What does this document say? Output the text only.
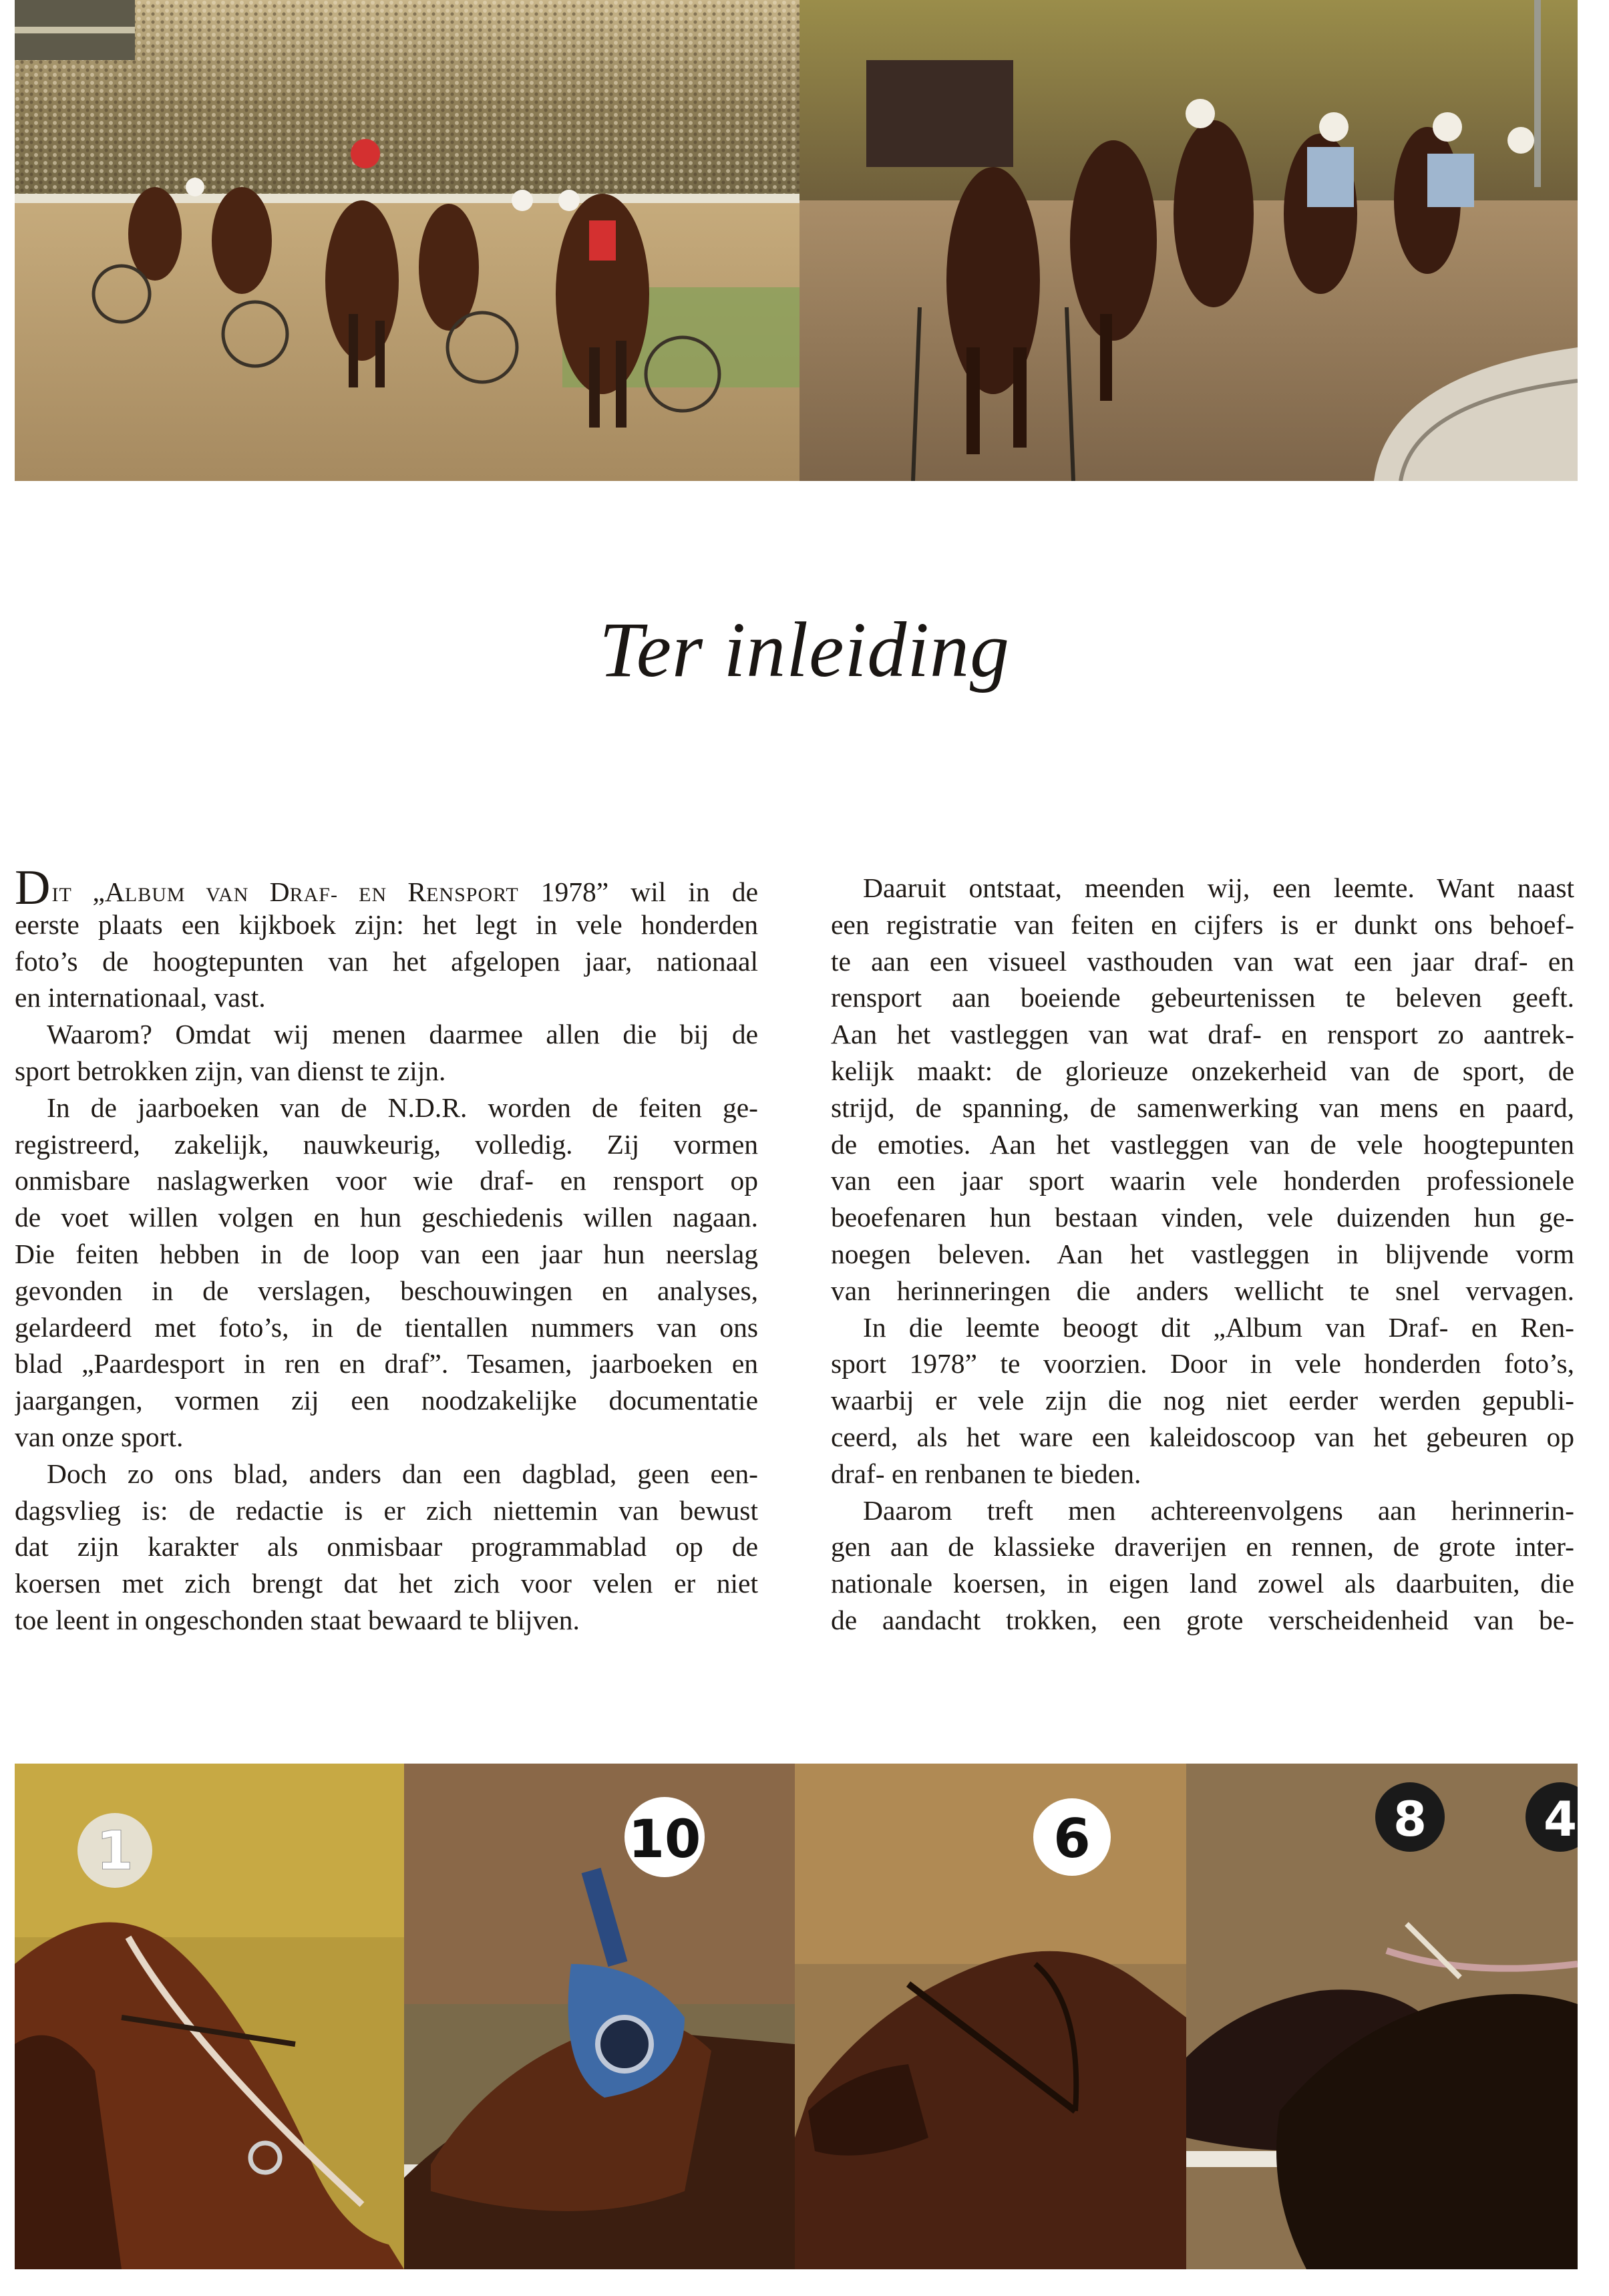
Ter inleiding
DIT „ALBUM VAN DRAF- EN RENSPORT 1978” wil in de
eerste plaats een kijkboek zijn: het legt in vele honderden
foto’s de hoogtepunten van het afgelopen jaar, nationaal
en internationaal, vast.
Waarom? Omdat wij menen daarmee allen die bij de
sport betrokken zijn, van dienst te zijn.
In de jaarboeken van de N.D.R. worden de feiten ge-
registreerd, zakelijk, nauwkeurig, volledig. Zij vormen
onmisbare naslagwerken voor wie draf- en rensport op
de voet willen volgen en hun geschiedenis willen nagaan.
Die feiten hebben in de loop van een jaar hun neerslag
gevonden in de verslagen, beschouwingen en analyses,
gelardeerd met foto’s, in de tientallen nummers van ons
blad „Paardesport in ren en draf”. Tesamen, jaarboeken en
jaargangen, vormen zij een noodzakelijke documentatie
van onze sport.
Doch zo ons blad, anders dan een dagblad, geen een-
dagsvlieg is: de redactie is er zich niettemin van bewust
dat zijn karakter als onmisbaar programmablad op de
koersen met zich brengt dat het zich voor velen er niet
toe leent in ongeschonden staat bewaard te blijven.
Daaruit ontstaat, meenden wij, een leemte. Want naast
een registratie van feiten en cijfers is er dunkt ons behoef-
te aan een visueel vasthouden van wat een jaar draf- en
rensport aan boeiende gebeurtenissen te beleven geeft.
Aan het vastleggen van wat draf- en rensport zo aantrek-
kelijk maakt: de glorieuze onzekerheid van de sport, de
strijd, de spanning, de samenwerking van mens en paard,
de emoties. Aan het vastleggen van de vele hoogtepunten
van een jaar sport waarin vele honderden professionele
beoefenaren hun bestaan vinden, vele duizenden hun ge-
noegen beleven. Aan het vastleggen in blijvende vorm
van herinneringen die anders wellicht te snel vervagen.
In die leemte beoogt dit „Album van Draf- en Ren-
sport 1978” te voorzien. Door in vele honderden foto’s,
waarbij er vele zijn die nog niet eerder werden gepubli-
ceerd, als het ware een kaleidoscoop van het gebeuren op
draf- en renbanen te bieden.
Daarom treft men achtereenvolgens aan herinnerin-
gen aan de klassieke draverijen en rennen, de grote inter-
nationale koersen, in eigen land zowel als daarbuiten, die
de aandacht trokken, een grote verscheidenheid van be-
1	10	6	8 4
